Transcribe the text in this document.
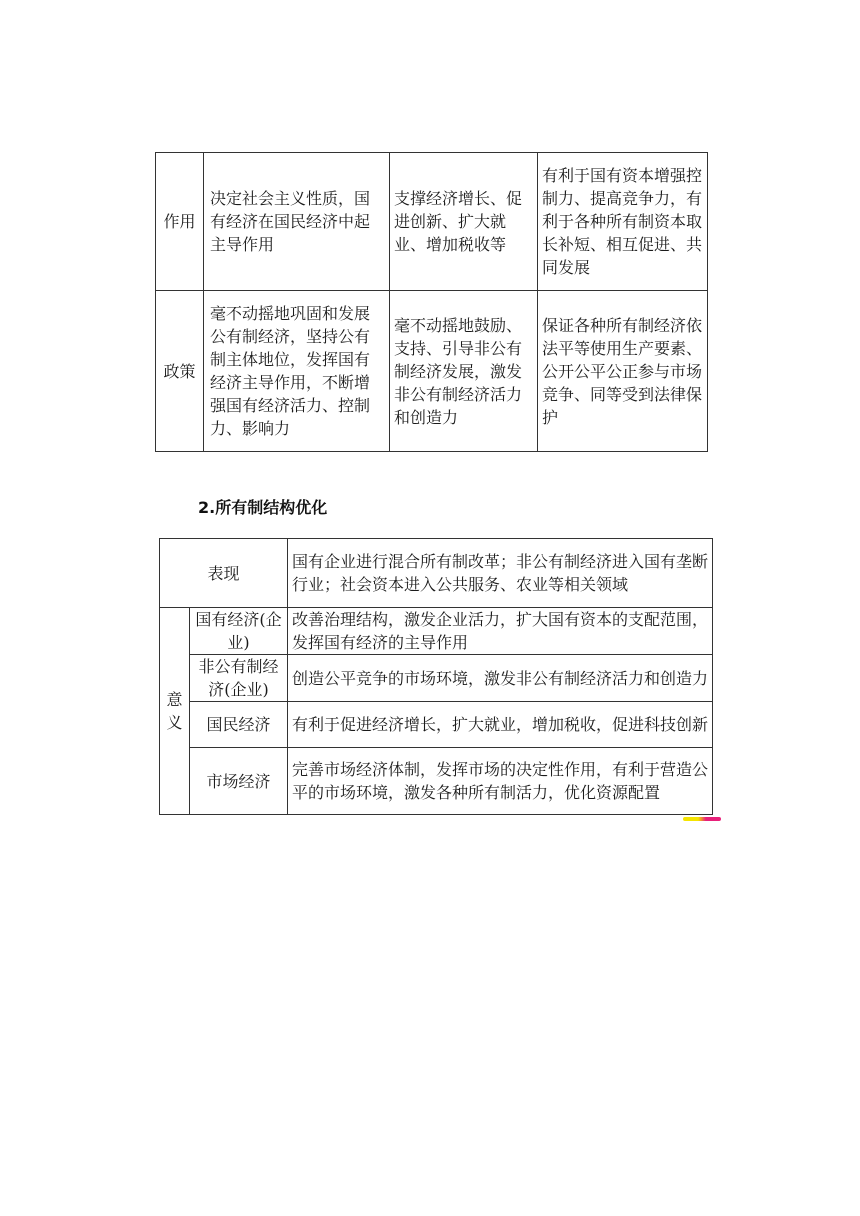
作用	决定社会主义性质，国有经济在国民经济中起主导作用	支撑经济增长、促进创新、扩大就业、增加税收等	有利于国有资本增强控制力、提高竞争力，有利于各种所有制资本取长补短、相互促进、共同发展
政策	毫不动摇地巩固和发展公有制经济，坚持公有制主体地位，发挥国有经济主导作用，不断增强国有经济活力、控制力、影响力	毫不动摇地鼓励、支持、引导非公有制经济发展，激发非公有制经济活力和创造力	保证各种所有制经济依法平等使用生产要素、公开公平公正参与市场竞争、同等受到法律保护
2.所有制结构优化
表现		国有企业进行混合所有制改革；非公有制经济进入国有垄断行业；社会资本进入公共服务、农业等相关领域
意义	国有经济(企业)	改善治理结构，激发企业活力，扩大国有资本的支配范围，发挥国有经济的主导作用
	非公有制经济(企业)	创造公平竞争的市场环境，激发非公有制经济活力和创造力
	国民经济	有利于促进经济增长，扩大就业，增加税收，促进科技创新
	市场经济	完善市场经济体制，发挥市场的决定性作用，有利于营造公平的市场环境，激发各种所有制活力，优化资源配置
